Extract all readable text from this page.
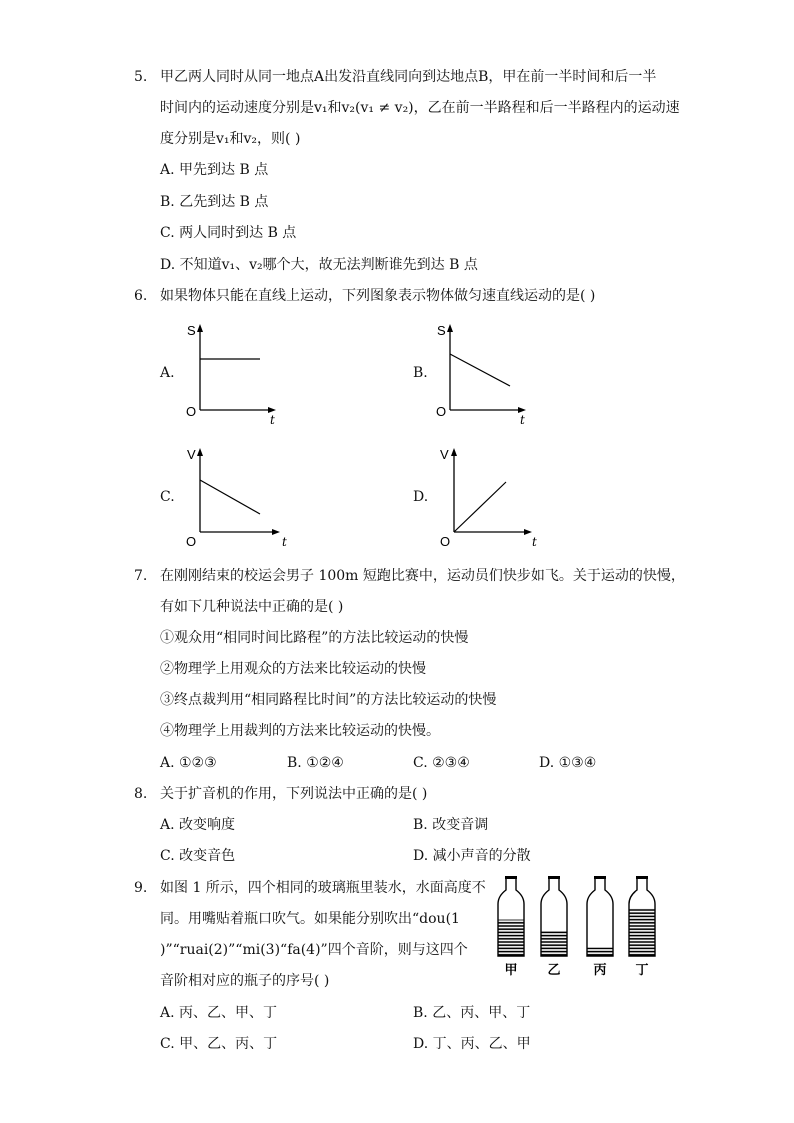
5. 甲乙两人同时从同一地点A出发沿直线同向到达地点B，甲在前一半时间和后一半
时间内的运动速度分别是v₁和v₂(v₁ ≠ v₂)，乙在前一半路程和后一半路程内的运动速
度分别是v₁和v₂，则( )
A. 甲先到达 B 点
B. 乙先到达 B 点
C. 两人同时到达 B 点
D. 不知道v₁、v₂哪个大，故无法判断谁先到达 B 点
6. 如果物体只能在直线上运动，下列图象表示物体做匀速直线运动的是( )
A.
S
O
t
B.
S
O
t
C.
V
O	t
D.
V
O	t
7. 在刚刚结束的校运会男子 100m 短跑比赛中，运动员们快步如飞。关于运动的快慢，
有如下几种说法中正确的是( )
①观众用“相同时间比路程”的方法比较运动的快慢
②物理学上用观众的方法来比较运动的快慢
③终点裁判用“相同路程比时间”的方法比较运动的快慢
④物理学上用裁判的方法来比较运动的快慢。
A. ①②③	B. ①②④	C. ②③④	D. ①③④
8. 关于扩音机的作用，下列说法中正确的是( )
A. 改变响度	B. 改变音调
C. 改变音色	D. 减小声音的分散
9. 如图 1 所示，四个相同的玻璃瓶里装水，水面高度不
同。用嘴贴着瓶口吹气。如果能分别吹出“dou(1
)”“ruai(2)”“mi(3)“fa(4)”四个音阶，则与这四个
音阶相对应的瓶子的序号( )
甲 乙	丙 丁
A. 丙、乙、甲、丁	B. 乙、丙、甲、丁
C. 甲、乙、丙、丁	D. 丁、丙、乙、甲
